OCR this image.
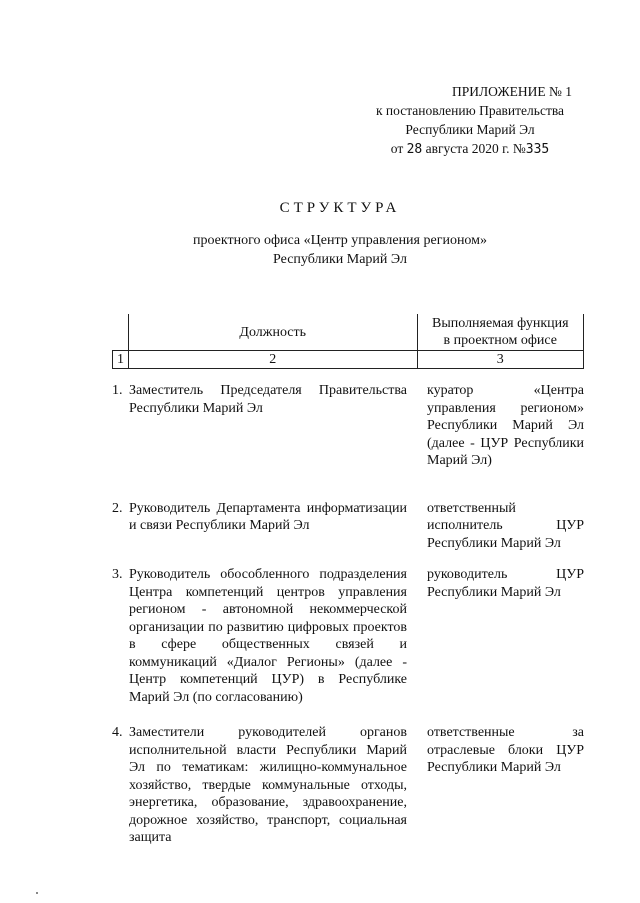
ПРИЛОЖЕНИЕ № 1
к постановлению Правительства
Республики Марий Эл
от 28 августа 2020 г. №335
СТРУКТУРА
проектного офиса «Центр управления регионом»
Республики Марий Эл
	Должность	Выполняемая функция
в проектном офисе

1	2	3
1. Заместитель Председателя Правительства Республики Марий Эл
куратор «Центра управления регионом» Республики Марий Эл (далее - ЦУР Республики Марий Эл)
2. Руководитель Департамента информатизации и связи Республики Марий Эл
ответственный исполнитель ЦУР Республики Марий Эл
3. Руководитель обособленного подразделения Центра компетенций центров управления регионом - автономной некоммерческой организации по развитию цифровых проектов в сфере общественных связей и коммуникаций «Диалог Регионы» (далее - Центр компетенций ЦУР) в Республике Марий Эл (по согласованию)
руководитель ЦУР Республики Марий Эл
4. Заместители руководителей органов исполнительной власти Республики Марий Эл по тематикам: жилищно-коммунальное хозяйство, твердые коммунальные отходы, энергетика, образование, здравоохранение, дорожное хозяйство, транспорт, социальная защита
ответственные за отраслевые блоки ЦУР Республики Марий Эл
